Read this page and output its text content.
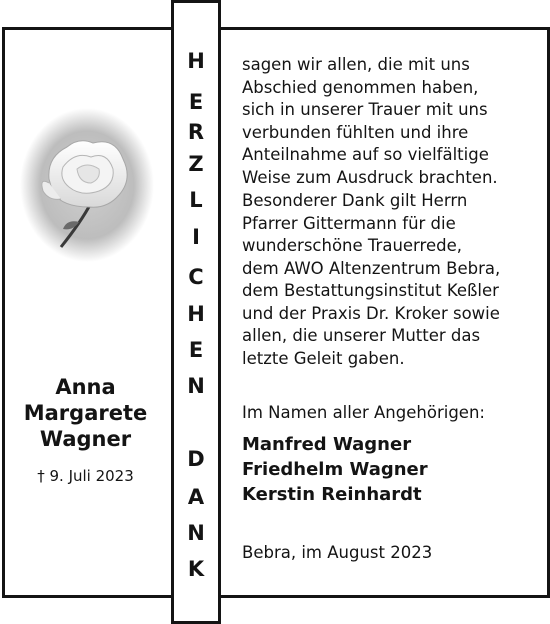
Anna
Margarete
Wagner
† 9. Juli 2023
H
E
R
Z
L
I
C
H
E
N
D
A
N
K
sagen wir allen, die mit uns
Abschied genommen haben,
sich in unserer Trauer mit uns
verbunden fühlten und ihre
Anteilnahme auf so vielfältige
Weise zum Ausdruck brachten.
Besonderer Dank gilt Herrn
Pfarrer Gittermann für die
wunderschöne Trauerrede,
dem AWO Altenzentrum Bebra,
dem Bestattungsinstitut Keßler
und der Praxis Dr. Kroker sowie
allen, die unserer Mutter das
letzte Geleit gaben.
Im Namen aller Angehörigen:
Manfred Wagner
Friedhelm Wagner
Kerstin Reinhardt
Bebra, im August 2023
